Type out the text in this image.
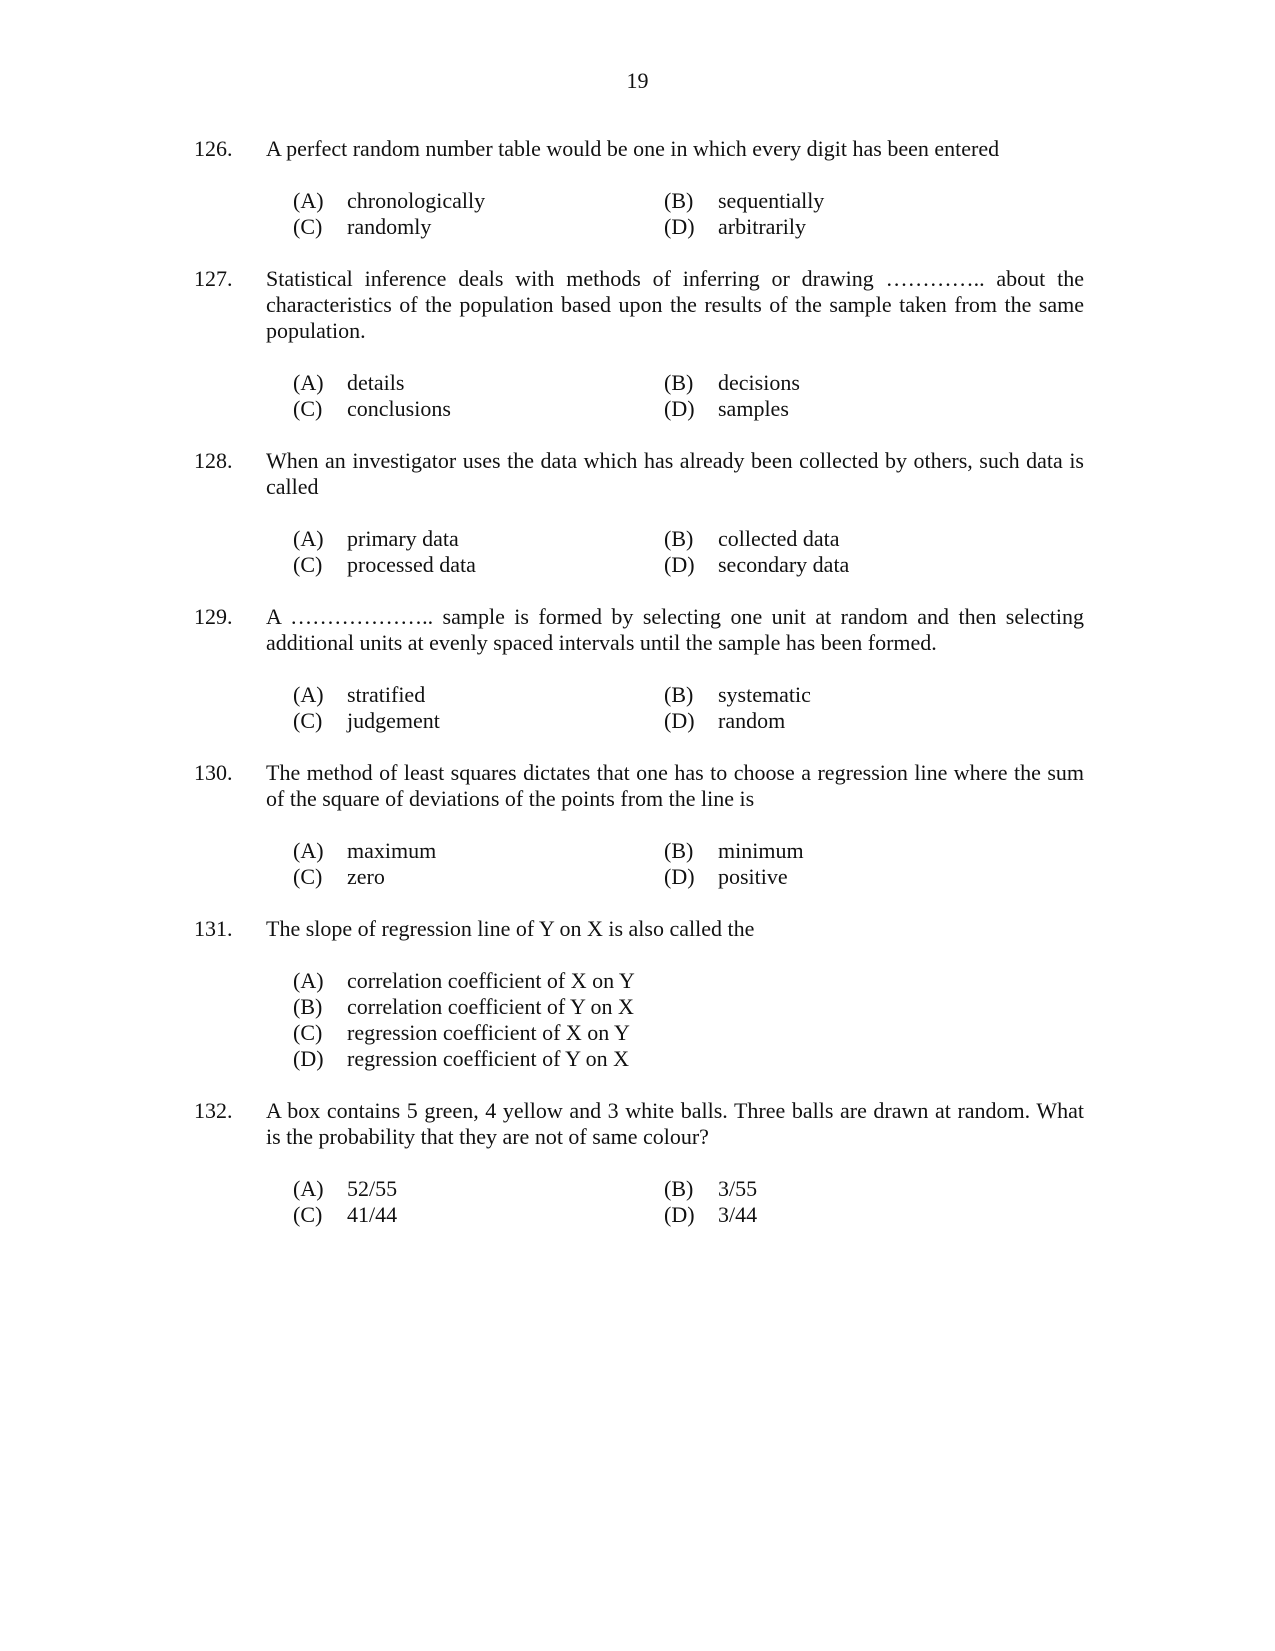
19
126.	A perfect random number table would be one in which every digit has been entered
(A)	chronologically	(B)	sequentially
(C)	randomly	(D)	arbitrarily
127.	Statistical inference deals with methods of inferring or drawing ………….. about the characteristics of the population based upon the results of the sample taken from the same population.
(A)	details	(B)	decisions
(C)	conclusions	(D)	samples
128.	When an investigator uses the data which has already been collected by others, such data is called
(A)	primary data	(B)	collected data
(C)	processed data	(D)	secondary data
129.	A ……………….. sample is formed by selecting one unit at random and then selecting additional units at evenly spaced intervals until the sample has been formed.
(A)	stratified	(B)	systematic
(C)	judgement	(D)	random
130.	The method of least squares dictates that one has to choose a regression line where the sum of the square of deviations of the points from the line is
(A)	maximum	(B)	minimum
(C)	zero	(D)	positive
131.	The slope of regression line of Y on X is also called the
(A)	correlation coefficient of X on Y
(B)	correlation coefficient of Y on X
(C)	regression coefficient of X on Y
(D)	regression coefficient of Y on X
132.	A box contains 5 green, 4 yellow and 3 white balls. Three balls are drawn at random. What is the probability that they are not of same colour?
(A)	52/55	(B)	3/55
(C)	41/44	(D)	3/44
